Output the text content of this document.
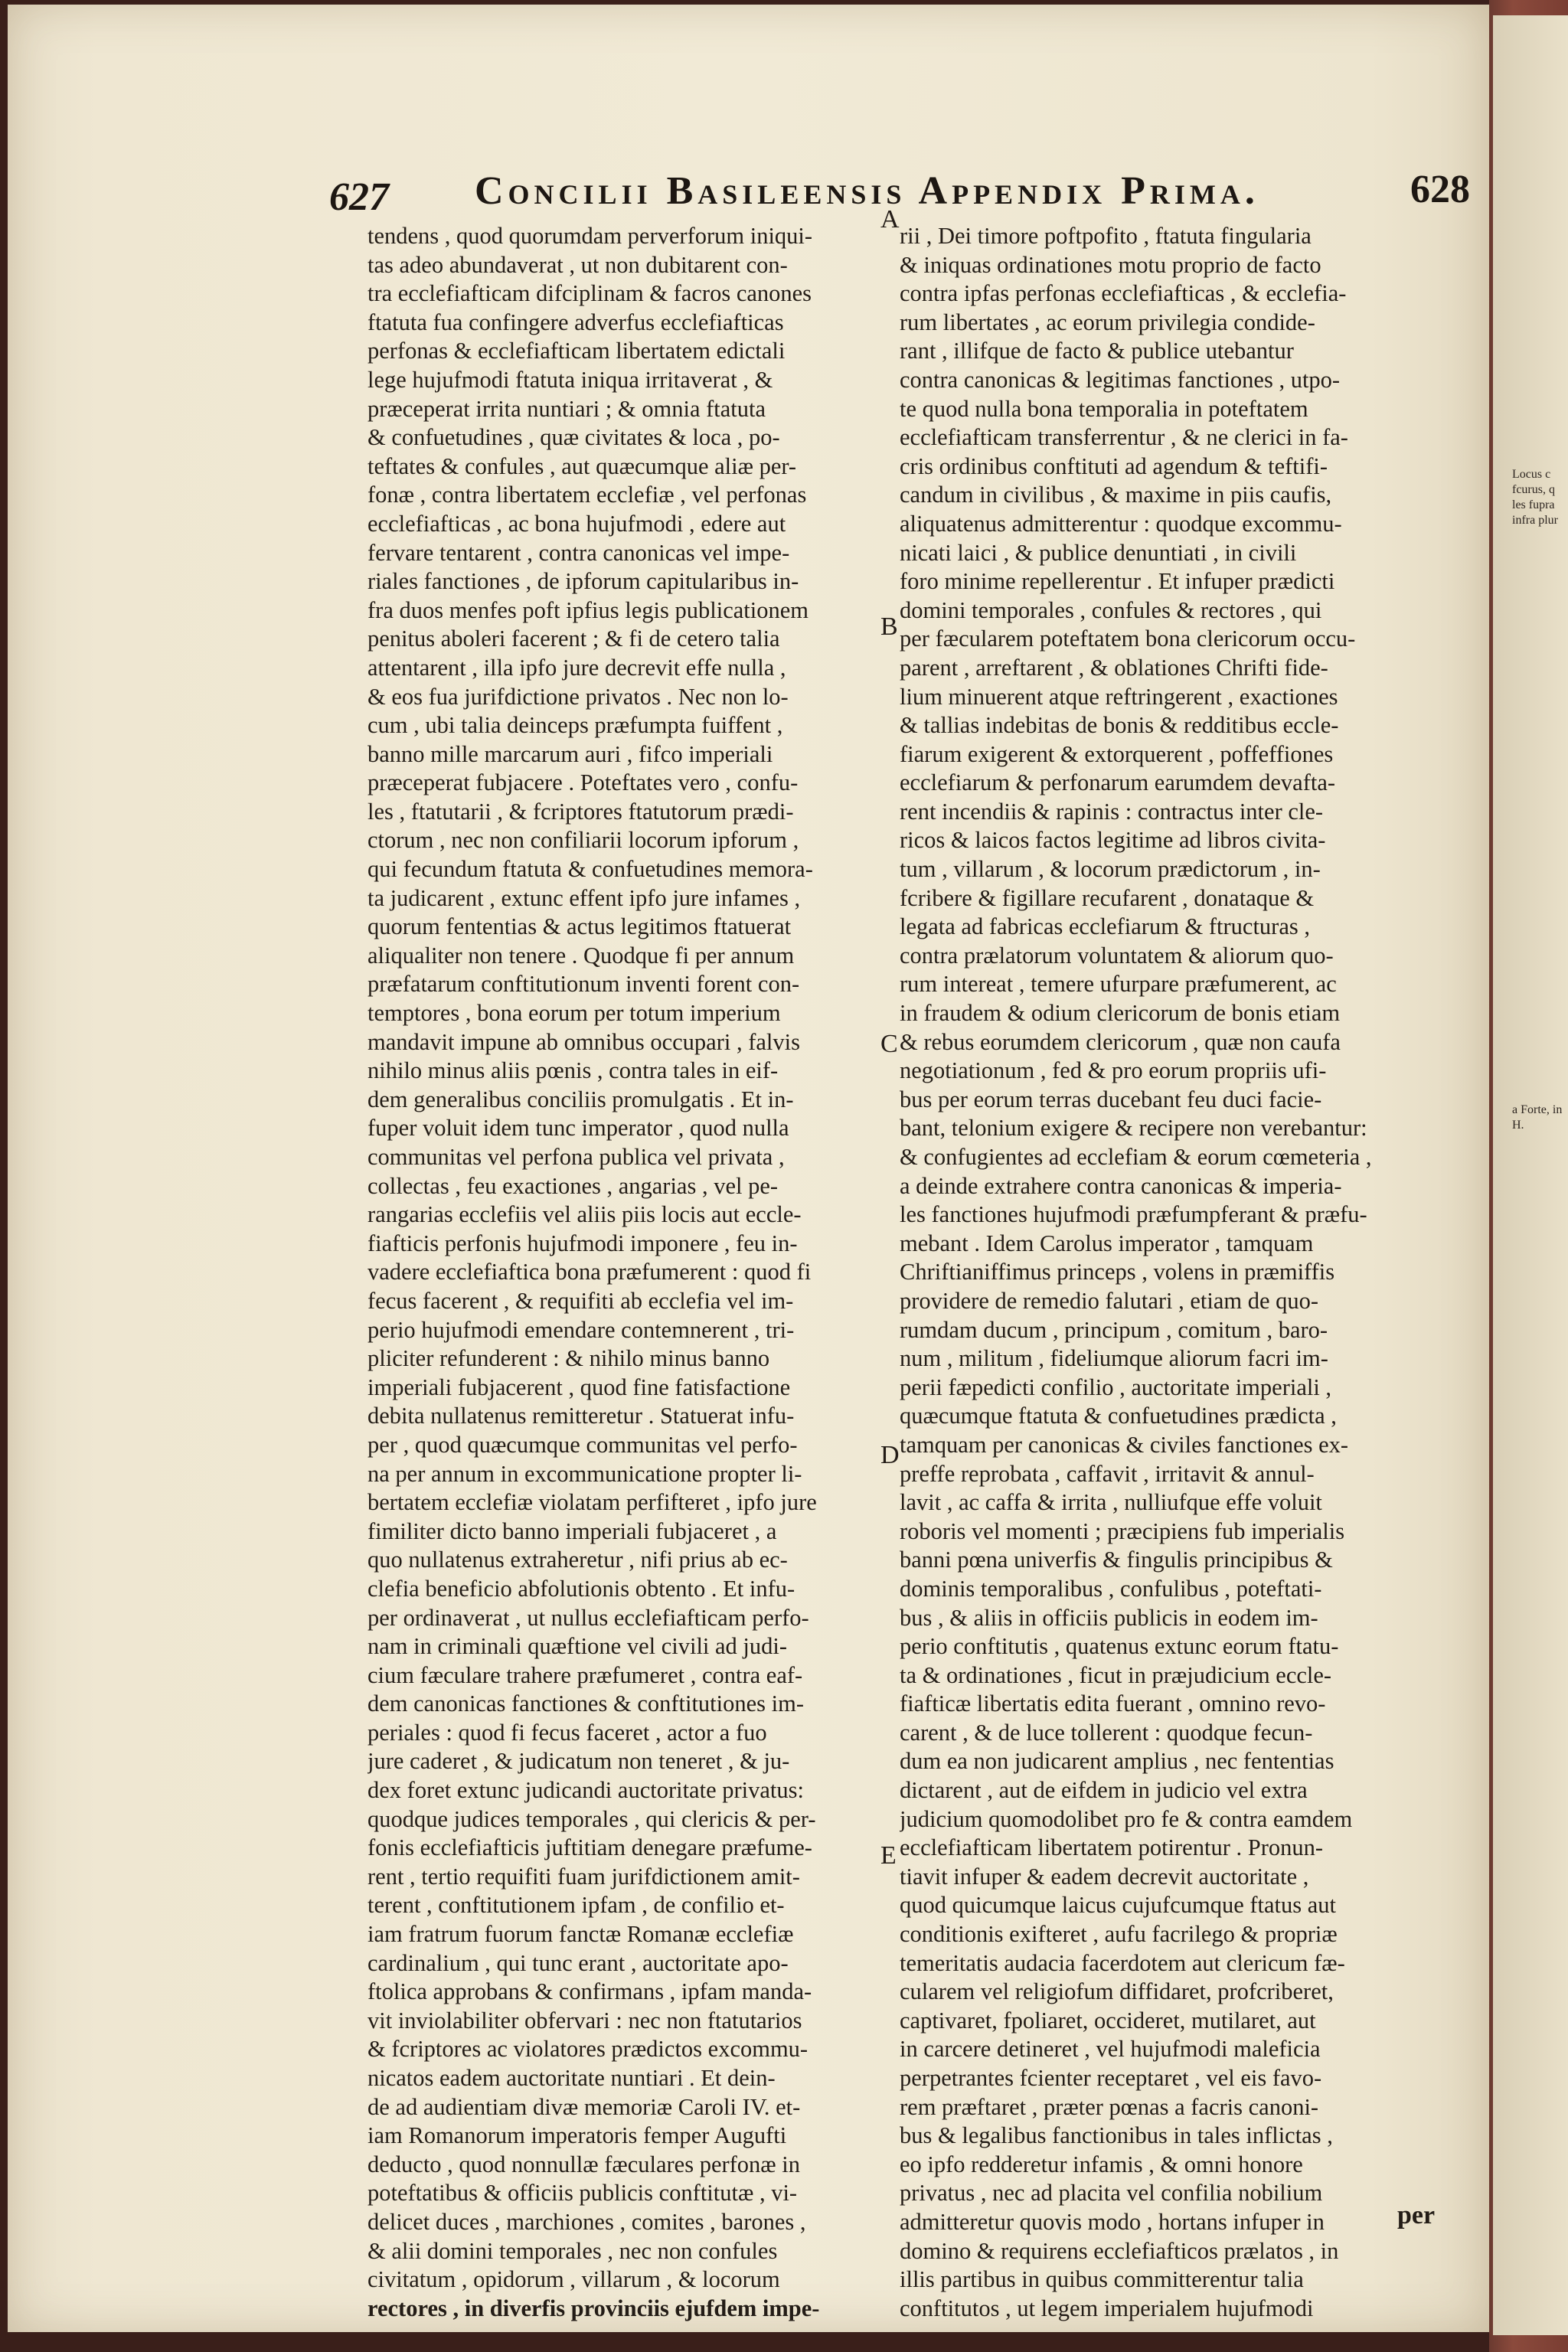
627 Concilii Basileensis Appendix Prima.	628
tendens , quod quorumdam perverforum iniqui-
tas adeo abundaverat , ut non dubitarent con-
tra ecclefiafticam difciplinam & facros canones
ftatuta fua confingere adverfus ecclefiafticas
perfonas & ecclefiafticam libertatem edictali
lege hujufmodi ftatuta iniqua irritaverat , &
præceperat irrita nuntiari ; & omnia ftatuta
& confuetudines , quæ civitates & loca , po-
teftates & confules , aut quæcumque aliæ per-
fonæ , contra libertatem ecclefiæ , vel perfonas
ecclefiafticas , ac bona hujufmodi , edere aut
fervare tentarent , contra canonicas vel impe-
riales fanctiones , de ipforum capitularibus in-
fra duos menfes poft ipfius legis publicationem
penitus aboleri facerent ; & fi de cetero talia
attentarent , illa ipfo jure decrevit effe nulla ,
& eos fua jurifdictione privatos . Nec non lo-
cum , ubi talia deinceps præfumpta fuiffent ,
banno mille marcarum auri , fifco imperiali
præceperat fubjacere . Poteftates vero , confu-
les , ftatutarii , & fcriptores ftatutorum prædi-
ctorum , nec non confiliarii locorum ipforum ,
qui fecundum ftatuta & confuetudines memora-
ta judicarent , extunc effent ipfo jure infames ,
quorum fententias & actus legitimos ftatuerat
aliqualiter non tenere . Quodque fi per annum
præfatarum conftitutionum inventi forent con-
temptores , bona eorum per totum imperium
mandavit impune ab omnibus occupari , falvis
nihilo minus aliis pœnis , contra tales in eif-
dem generalibus conciliis promulgatis . Et in-
fuper voluit idem tunc imperator , quod nulla
communitas vel perfona publica vel privata ,
collectas , feu exactiones , angarias , vel pe-
rangarias ecclefiis vel aliis piis locis aut eccle-
fiafticis perfonis hujufmodi imponere , feu in-
vadere ecclefiaftica bona præfumerent : quod fi
fecus facerent , & requifiti ab ecclefia vel im-
perio hujufmodi emendare contemnerent , tri-
pliciter refunderent : & nihilo minus banno
imperiali fubjacerent , quod fine fatisfactione
debita nullatenus remitteretur . Statuerat infu-
per , quod quæcumque communitas vel perfo-
na per annum in excommunicatione propter li-
bertatem ecclefiæ violatam perfifteret , ipfo jure
fimiliter dicto banno imperiali fubjaceret , a
quo nullatenus extraheretur , nifi prius ab ec-
clefia beneficio abfolutionis obtento . Et infu-
per ordinaverat , ut nullus ecclefiafticam perfo-
nam in criminali quæftione vel civili ad judi-
cium fæculare trahere præfumeret , contra eaf-
dem canonicas fanctiones & conftitutiones im-
periales : quod fi fecus faceret , actor a fuo
jure caderet , & judicatum non teneret , & ju-
dex foret extunc judicandi auctoritate privatus:
quodque judices temporales , qui clericis & per-
fonis ecclefiafticis juftitiam denegare præfume-
rent , tertio requifiti fuam jurifdictionem amit-
terent , conftitutionem ipfam , de confilio et-
iam fratrum fuorum fanctæ Romanæ ecclefiæ
cardinalium , qui tunc erant , auctoritate apo-
ftolica approbans & confirmans , ipfam manda-
vit inviolabiliter obfervari : nec non ftatutarios
& fcriptores ac violatores prædictos excommu-
nicatos eadem auctoritate nuntiari . Et dein-
de ad audientiam divæ memoriæ Caroli IV. et-
iam Romanorum imperatoris femper Augufti
deducto , quod nonnullæ fæculares perfonæ in
poteftatibus & officiis publicis conftitutæ , vi-
delicet duces , marchiones , comites , barones ,
& alii domini temporales , nec non confules
civitatum , opidorum , villarum , & locorum
rectores , in diverfis provinciis ejufdem impe-
rii , Dei timore poftpofito , ftatuta fingularia
& iniquas ordinationes motu proprio de facto
contra ipfas perfonas ecclefiafticas , & ecclefia-
rum libertates , ac eorum privilegia condide-
rant , illifque de facto & publice utebantur
contra canonicas & legitimas fanctiones , utpo-
te quod nulla bona temporalia in poteftatem
ecclefiafticam transferrentur , & ne clerici in fa-
cris ordinibus conftituti ad agendum & teftifi-
candum in civilibus , & maxime in piis caufis,
aliquatenus admitterentur : quodque excommu-
nicati laici , & publice denuntiati , in civili
foro minime repellerentur . Et infuper prædicti
domini temporales , confules & rectores , qui
per fæcularem poteftatem bona clericorum occu-
parent , arreftarent , & oblationes Chrifti fide-
lium minuerent atque reftringerent , exactiones
& tallias indebitas de bonis & redditibus eccle-
fiarum exigerent & extorquerent , poffeffiones
ecclefiarum & perfonarum earumdem devafta-
rent incendiis & rapinis : contractus inter cle-
ricos & laicos factos legitime ad libros civita-
tum , villarum , & locorum prædictorum , in-
fcribere & figillare recufarent , donataque &
legata ad fabricas ecclefiarum & ftructuras ,
contra prælatorum voluntatem & aliorum quo-
rum intereat , temere ufurpare præfumerent, ac
in fraudem & odium clericorum de bonis etiam
& rebus eorumdem clericorum , quæ non caufa
negotiationum , fed & pro eorum propriis ufi-
bus per eorum terras ducebant feu duci facie-
bant, telonium exigere & recipere non verebantur:
& confugientes ad ecclefiam & eorum cœmeteria ,
a deinde extrahere contra canonicas & imperia-
les fanctiones hujufmodi præfumpferant & præfu-
mebant . Idem Carolus imperator , tamquam
Chriftianiffimus princeps , volens in præmiffis
providere de remedio falutari , etiam de quo-
rumdam ducum , principum , comitum , baro-
num , militum , fideliumque aliorum facri im-
perii fæpedicti confilio , auctoritate imperiali ,
quæcumque ftatuta & confuetudines prædicta ,
tamquam per canonicas & civiles fanctiones ex-
preffe reprobata , caffavit , irritavit & annul-
lavit , ac caffa & irrita , nulliufque effe voluit
roboris vel momenti ; præcipiens fub imperialis
banni pœna univerfis & fingulis principibus &
dominis temporalibus , confulibus , poteftati-
bus , & aliis in officiis publicis in eodem im-
perio conftitutis , quatenus extunc eorum ftatu-
ta & ordinationes , ficut in præjudicium eccle-
fiafticæ libertatis edita fuerant , omnino revo-
carent , & de luce tollerent : quodque fecun-
dum ea non judicarent amplius , nec fententias
dictarent , aut de eifdem in judicio vel extra
judicium quomodolibet pro fe & contra eamdem
ecclefiafticam libertatem potirentur . Pronun-
tiavit infuper & eadem decrevit auctoritate ,
quod quicumque laicus cujufcumque ftatus aut
conditionis exifteret , aufu facrilego & propriæ
temeritatis audacia facerdotem aut clericum fæ-
cularem vel religiofum diffidaret, profcriberet,
captivaret, fpoliaret, occideret, mutilaret, aut
in carcere detineret , vel hujufmodi maleficia
perpetrantes fcienter receptaret , vel eis favo-
rem præftaret , præter pœnas a facris canoni-
bus & legalibus fanctionibus in tales inflictas ,
eo ipfo redderetur infamis , & omni honore
privatus , nec ad placita vel confilia nobilium
admitteretur quovis modo , hortans infuper in
domino & requirens ecclefiafticos prælatos , in
illis partibus in quibus committerentur talia
conftitutos , ut legem imperialem hujufmodi
A
B
C
D
E
Locus c fcurus, q les fupra infra plur
a Forte, in H.
per
